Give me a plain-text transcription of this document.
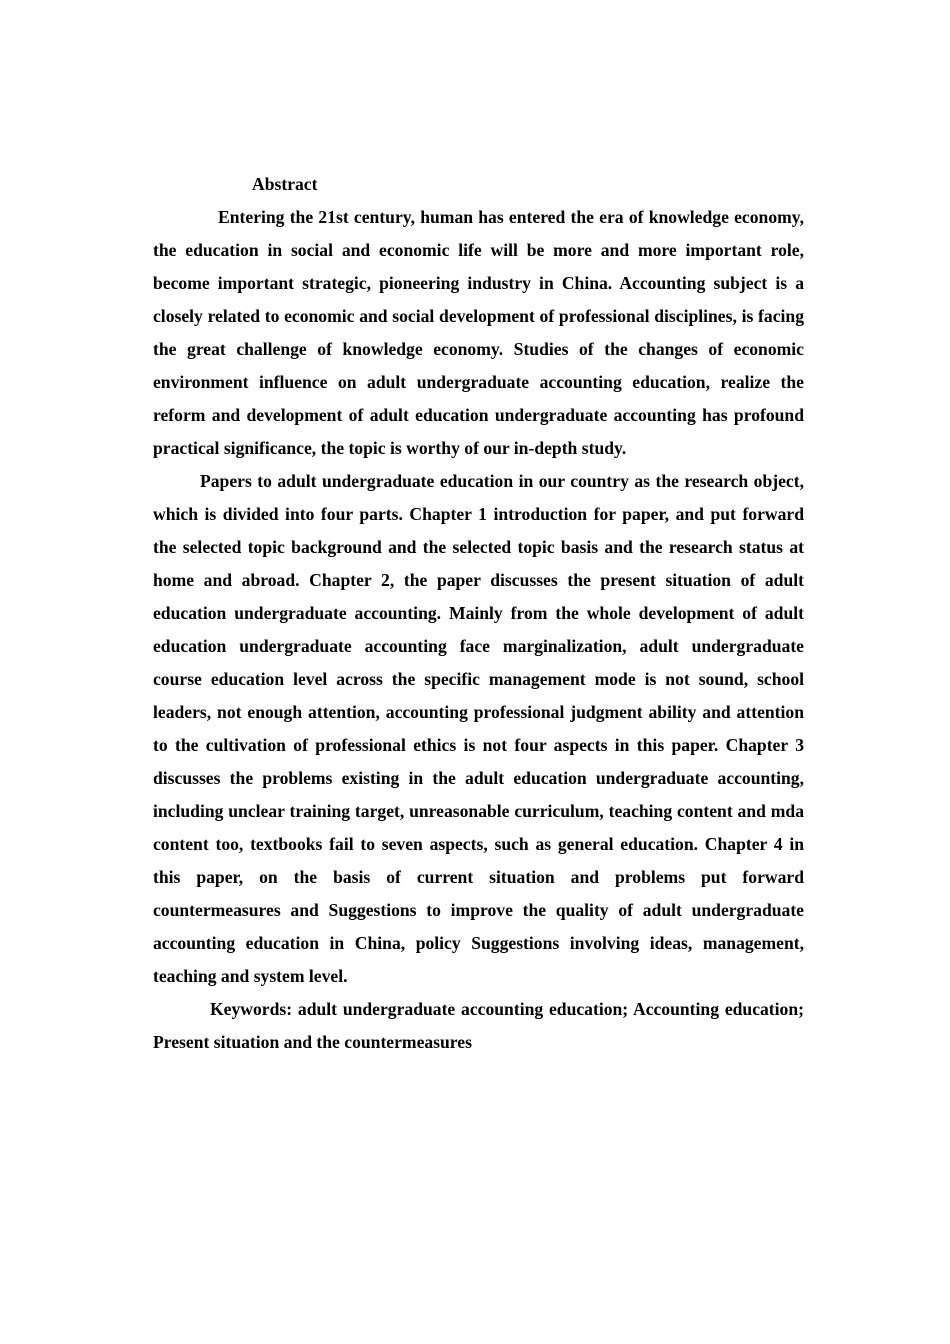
Abstract

Entering the 21st century, human has entered the era of knowledge economy, the education in social and economic life will be more and more important role, become important strategic, pioneering industry in China. Accounting subject is a closely related to economic and social development of professional disciplines, is facing the great challenge of knowledge economy. Studies of the changes of economic environment influence on adult undergraduate accounting education, realize the reform and development of adult education undergraduate accounting has profound practical significance, the topic is worthy of our in-depth study.

Papers to adult undergraduate education in our country as the research object, which is divided into four parts. Chapter 1 introduction for paper, and put forward the selected topic background and the selected topic basis and the research status at home and abroad. Chapter 2, the paper discusses the present situation of adult education undergraduate accounting. Mainly from the whole development of adult education undergraduate accounting face marginalization, adult undergraduate course education level across the specific management mode is not sound, school leaders, not enough attention, accounting professional judgment ability and attention to the cultivation of professional ethics is not four aspects in this paper. Chapter 3 discusses the problems existing in the adult education undergraduate accounting, including unclear training target, unreasonable curriculum, teaching content and mda content too, textbooks fail to seven aspects, such as general education. Chapter 4 in this paper, on the basis of current situation and problems put forward countermeasures and Suggestions to improve the quality of adult undergraduate accounting education in China, policy Suggestions involving ideas, management, teaching and system level.

Keywords: adult undergraduate accounting education; Accounting education; Present situation and the countermeasures
